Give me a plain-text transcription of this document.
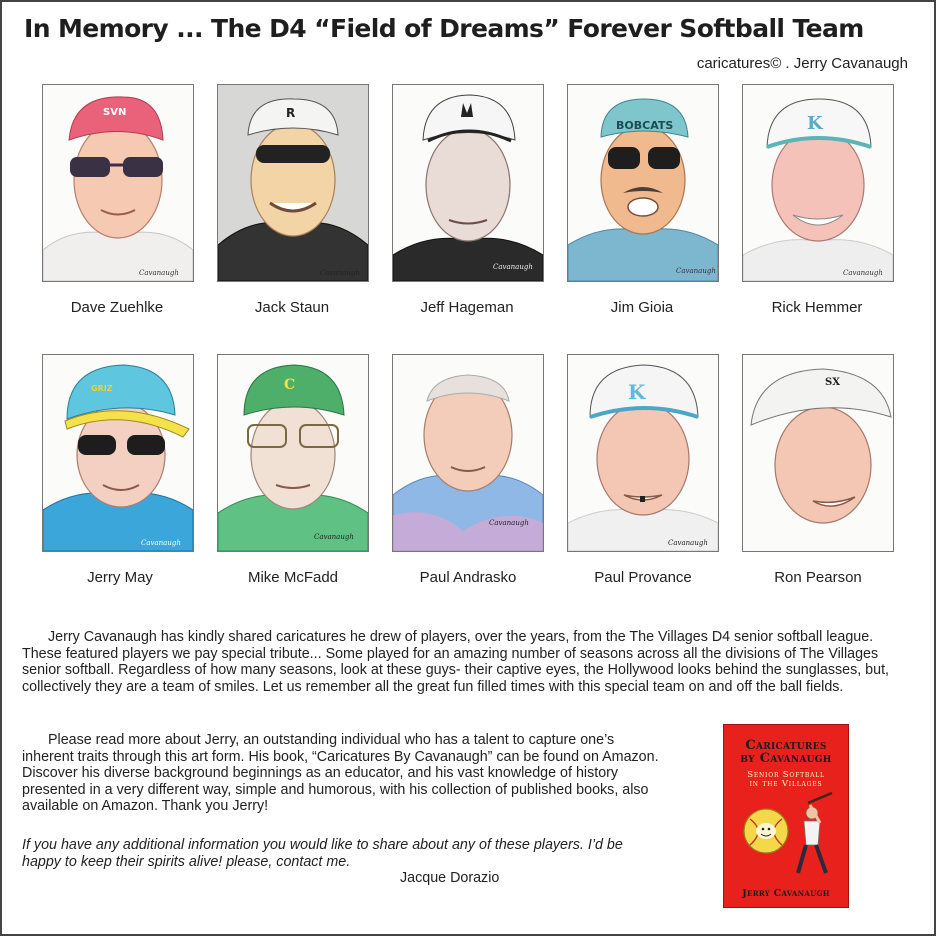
In Memory ... The D4 “Field of Dreams” Forever Softball Team
caricatures© . Jerry Cavanaugh
SVN
Cavanaugh
Dave Zuehlke
R
Cavanaugh
Jack Staun
Cavanaugh
Jeff Hageman
BOBCATS
Cavanaugh
Jim Gioia
K
Cavanaugh
Rick Hemmer
GRIZ
Cavanaugh
Jerry May
C
Cavanaugh
Mike McFadd
Cavanaugh
Paul Andrasko
K
Cavanaugh
Paul Provance
SX
Ron Pearson

Jerry Cavanaugh has kindly shared caricatures he drew of players, over the years, from the The Villages D4 senior softball league. These featured players we pay special tribute... Some played for an amazing number of seasons across all the divisions of The Villages senior softball. Regardless of how many seasons, look at these guys- their captive eyes, the Hollywood looks behind the sunglasses, but, collectively they are a team of smiles. Let us remember all the great fun filled times with this special team on and off the ball fields.

Please read more about Jerry, an outstanding individual who has a talent to capture one’s inherent traits through this art form. His book, “Caricatures By Cavanaugh” can be found on Amazon. Discover his diverse background beginnings as an educator, and his vast knowledge of history presented in a very different way, simple and humorous, with his collection of published books, also available on Amazon. Thank you Jerry!

If you have any additional information you would like to share about any of these players. I’d be happy to keep their spirits alive! please, contact me.

Jacque Dorazio
Caricatures
by Cavanaugh
Senior Softball
in the Villages
Jerry Cavanaugh
